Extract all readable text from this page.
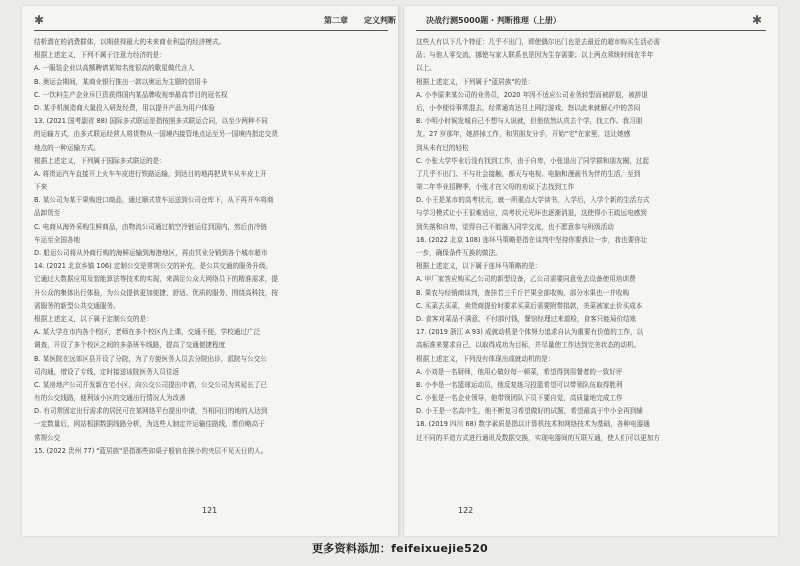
✱	第二章	定义判断
结析潜在的消费群体，以期获得最大的未来商业利益的经济模式。
根据上述定义，下列不属于注意力经济的是：
A. 一服装企业以高额聘请某知名度很高的歌星做代言人
B. 奥运会期间，某商业银行推出一款以奥运为主题的信用卡
C. 一饮料生产企业斥巨资获得国内某品牌收视率最高节目的冠名权
D. 某手机制造商大量投入研发经费，用以提升产品为用户体验
13. (2021 国考副省 88) 国际多式联运是指按照多式联运合同，以至少两种不同
的运输方式，由多式联运经营人将货物从一国境内接管地点运至另一国境内指定交货
地点的一种运输方式。
根据上述定义，下列属于国际多式联运的是：
A. 将货运汽车直接开上火车车皮进行铁路运输，到达目的地再把货车从车皮上开
下来
B. 某公司为某干果购进口商品，通过顺式货车运送到公司仓库下，从下再开车将商
品卸货至
C. 电商从海外采购生鲜商品，由物流公司通过航空冷链运往到国内，然后由冷链
车运至全国各地
D. 船运公司将从外商行购的海鲜运输到海港地区，再由冥业分销到各个城市超市
14. (2021 北京乡镇 106) 定制公交是常规公交的补充，是公共交通的服务升级。
它通过大数据应用及智能算法等技术的实现，来满足公众大网络员下的精准需求，提
升公众的集体出行体验，为公众提供更加便捷、舒适、优质的服务，围绕高科技，按
需服务的新型公共交通服务。
根据上述定义，以下属于定制公交的是：
A. 某大学在市内各个校区，老师在多个校区内上课，交通不便，学校通过广泛
调查，开设了多个校区之间的多条班车线路，提高了交通便捷程度
B. 某医院在远郊区县开设了分院，为了方便医务人员去分院出诊，派院与公交公
司沟通，增设了专线，定时接送该院医务人员往返
C. 某房地产公司开发新在宅小区，向公交公司提出申请，公交公司为其延长了已
有的公交线路，便利该小区的交通出行情况人为改善
D. 有司常固定出行需求的居民可在某网络平台提出申请，当相同目的地的人达到
一定数量后，网站根据数据线路分析，为这些人制定并运输往路线，票价略高于
常规公交
15. (2022 贵州 77) "蓝居族"是指那些如桌子般宿在挨小的夹层不见天日的人。
121
决战行测5000题 · 判断推理（上册）	✱
这些人有以下几个特征：几乎不出门，即使偶尔出门也是去最近的超市购买生活必需
品；与他人零交流，挪使与家人联系也是因为生存需要；以上两点须统时间在半年
以上。
根据上述定义，下列属于"蓝居族"的是：
A. 小李原来某公司的业务员，2020 年因不适应公司业务转型而被辞退，被辞退
后，小李便待事常混去，经常通宵达旦上网打游戏，怒以此来就解心中的苦闷
B. 小明小时候发城自己不想与人说就，但他依然认真去个学，找工作。我习朋
友。27 岁那年，她辞掉工作，和男朋友分手，开始"宅"在家里，这让她感
到从未有过的轻松
C. 小张大学毕业后没有找到工作，由于自卑，小张退出了同学群和朋友圈，过起
了几乎不出门、不与社会接触，都天与电视、电脑和漫画书为伴的生活，至到
第二年毕业招聘季，小张才在父母的劝说下去找到工作
D. 小王是某市的高考状元，就一所重点大学读书，入学后，入学个新的生活方式
与学习模式让小王很难适应，高考状元光环也逐渐消退，这使得小王疏远电感到
到失落和自卑，觉得自己不能融入同学交流，也不愿意参与班级活动
16. (2022 北京 108) 连环马策略是指在谈判中坚持你要我让一步，我也要你让
一步，确保条件互换的做法。
根据上述定义，以下属于连环马策略的是：
A. 甲厂家答应购买乙公司的新型设备，乙公司需要同意免去设备使用培训费
B. 果农与经销商谈判，查挂若三千斤芒果全部收购，部分水果也一并收购
C. 买菜去买菜，卖货商提价时要求买菜后需要附带捐款，美菜被家止价买成本
D. 食客对菜品不满意，不付部付钱，餐馆经理过来道检，食客只能局价结账
17. (2019 浙江 A 93) 成就动机是个体努力追求自认为重要有价值的工作，以
高标准来要求自己，以取得成功为目标，并尽量使工作达到完美状态的动机。
根据上述定义，下列没有体现出成就动机的是：
A. 小刘是一名厨师，他用心做好每一顿菜，希望得到用餐者的一致好评
B. 小李是一名篮球运动员，他反复练习投篮希望可以带领队伍取得胜利
C. 小张是一名企业领导，他带领团队下员下要自觉，高质量地完成工作
D. 小王是一名高中生，他不断复习希望做好的试题，希望最高于中小全再到辅
18. (2019 四川 68) 数字素质是指以计算机技术和网络技术为基础，各种电器通
过不同的平造方式进行通讯及数据交换，实现电器间的互联互通，使人们可以更加方
122
更多资料添加：feifeixuejie520
